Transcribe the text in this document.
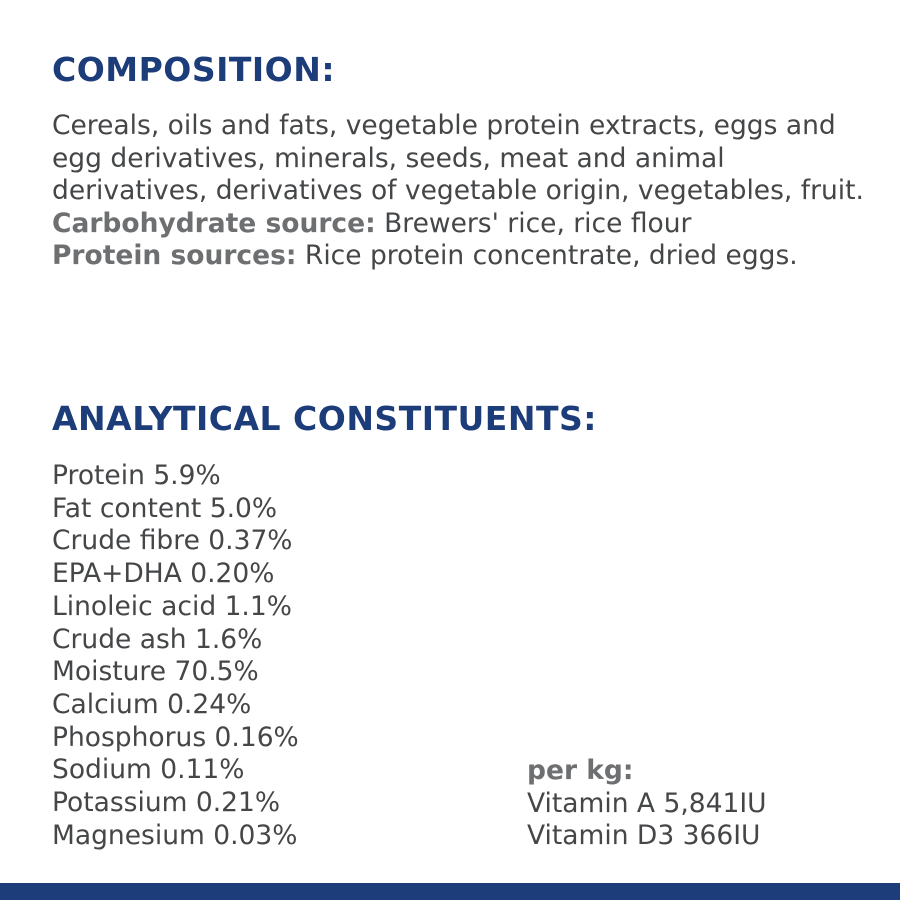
COMPOSITION:

Cereals, oils and fats, vegetable protein extracts, eggs and egg derivatives, minerals, seeds, meat and animal derivatives, derivatives of vegetable origin, vegetables, fruit.
Carbohydrate source: Brewers' rice, rice flour
Protein sources: Rice protein concentrate, dried eggs.

ANALYTICAL CONSTITUENTS:
Protein 5.9%
Fat content 5.0%
Crude fibre 0.37%
EPA+DHA 0.20%
Linoleic acid 1.1%
Crude ash 1.6%
Moisture 70.5%
Calcium 0.24%
Phosphorus 0.16%
Sodium 0.11%
Potassium 0.21%
Magnesium 0.03%
per kg:
Vitamin A 5,841IU
Vitamin D3 366IU
